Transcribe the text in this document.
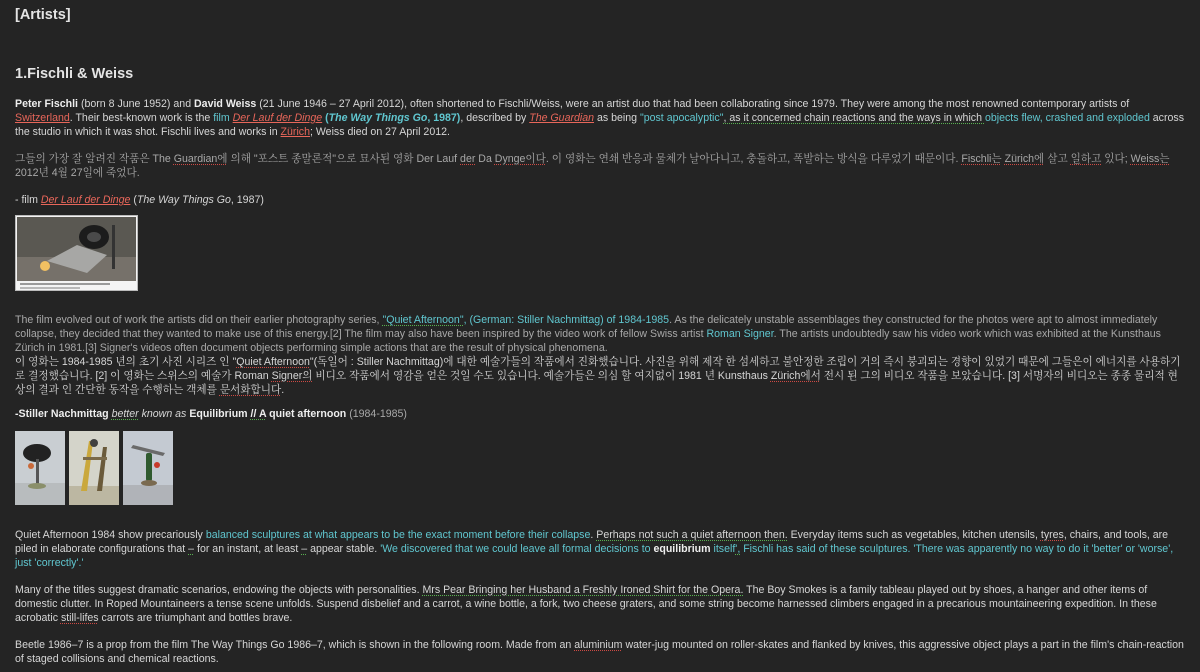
[Artists]
1.Fischli & Weiss

Peter Fischli (born 8 June 1952) and David Weiss (21 June 1946 – 27 April 2012), often shortened to Fischli/Weiss, were an artist duo that had been collaborating since 1979. They were among the most renowned contemporary artists of Switzerland. Their best-known work is the film Der Lauf der Dinge (The Way Things Go, 1987), described by The Guardian as being "post apocalyptic", as it concerned chain reactions and the ways in which objects flew, crashed and exploded across the studio in which it was shot. Fischli lives and works in Zürich; Weiss died on 27 April 2012.

그들의 가장 잘 알려진 작품은 The Guardian에 의해 "포스트 종말론적"으로 묘사된 영화 Der Lauf der Da Dynge이다. 이 영화는 연쇄 반응과 물체가 날아다니고, 충돌하고, 폭발하는 방식을 다루었기 때문이다. Fischli는 Zürich에 살고 일하고 있다; Weiss는 2012년 4월 27일에 죽었다.

- film Der Lauf der Dinge (The Way Things Go, 1987)

The film evolved out of work the artists did on their earlier photography series, "Quiet Afternoon", (German: Stiller Nachmittag) of 1984-1985. As the delicately unstable assemblages they constructed for the photos were apt to almost immediately collapse, they decided that they wanted to make use of this energy.[2] The film may also have been inspired by the video work of fellow Swiss artist Roman Signer. The artists undoubtedly saw his video work which was exhibited at the Kunsthaus Zürich in 1981.[3] Signer's videos often document objects performing simple actions that are the result of physical phenomena.

이 영화는 1984-1985 년의 초기 사진 시리즈 인 "Quiet Afternoon"(독일어 : Stiller Nachmittag)에 대한 예술가들의 작품에서 진화했습니다. 사진을 위해 제작 한 섬세하고 불안정한 조립이 거의 즉시 붕괴되는 경향이 있었기 때문에 그들은이 에너지를 사용하기로 결정했습니다. [2] 이 영화는 스위스의 예술가 Roman Signer의 비디오 작품에서 영감을 얻은 것일 수도 있습니다. 예술가들은 의심 할 여지없이 1981 년 Kunsthaus Zürich에서 전시 된 그의 비디오 작품을 보았습니다. [3] 서명자의 비디오는 종종 물리적 현상의 결과 인 간단한 동작을 수행하는 객체를 문서화합니다.

-Stiller Nachmittag better known as Equilibrium // A quiet afternoon (1984-1985)

Quiet Afternoon 1984 show precariously balanced sculptures at what appears to be the exact moment before their collapse. Perhaps not such a quiet afternoon then. Everyday items such as vegetables, kitchen utensils, tyres, chairs, and tools, are piled in elaborate configurations that – for an instant, at least – appear stable. 'We discovered that we could leave all formal decisions to equilibrium itself', Fischli has said of these sculptures. 'There was apparently no way to do it 'better' or 'worse', just 'correctly'.'

Many of the titles suggest dramatic scenarios, endowing the objects with personalities. Mrs Pear Bringing her Husband a Freshly Ironed Shirt for the Opera. The Boy Smokes is a family tableau played out by shoes, a hanger and other items of domestic clutter. In Roped Mountaineers a tense scene unfolds. Suspend disbelief and a carrot, a wine bottle, a fork, two cheese graters, and some string become harnessed climbers engaged in a precarious mountaineering expedition. In these acrobatic still-lifes carrots are triumphant and bottles brave.

Beetle 1986–7 is a prop from the film The Way Things Go 1986–7, which is shown in the following room. Made from an aluminium water-jug mounted on roller-skates and flanked by knives, this aggressive object plays a part in the film's chain-reaction of staged collisions and chemical reactions.
